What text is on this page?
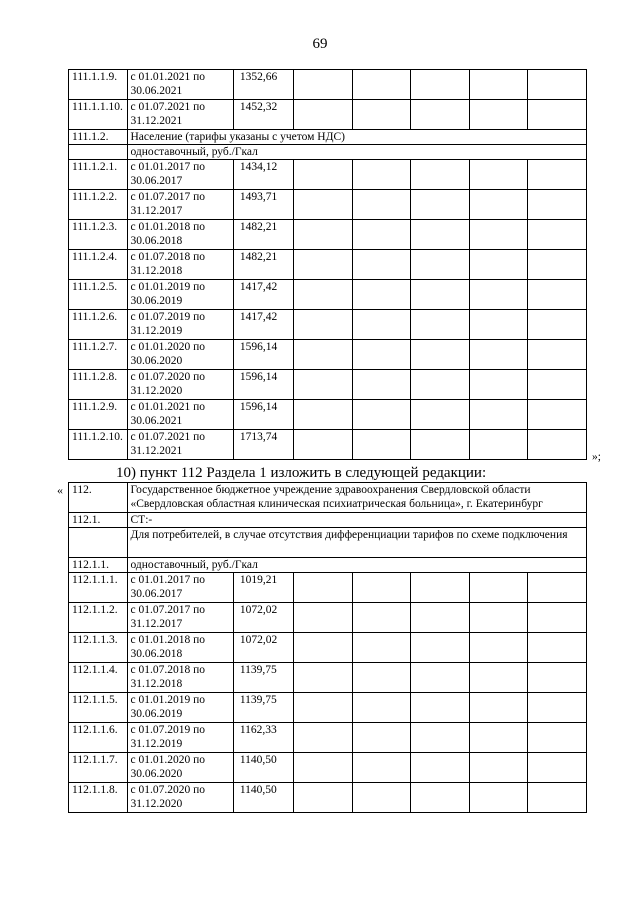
69
111.1.1.9.	с 01.01.2021 по 30.06.2021	1352,66					
111.1.1.10.	с 01.07.2021 по 31.12.2021	1452,32					
111.1.2.	Население (тарифы указаны с учетом НДС)						
	одноставочный, руб./Гкал						
111.1.2.1.	с 01.01.2017 по 30.06.2017	1434,12					
111.1.2.2.	с 01.07.2017 по 31.12.2017	1493,71					
111.1.2.3.	с 01.01.2018 по 30.06.2018	1482,21					
111.1.2.4.	с 01.07.2018 по 31.12.2018	1482,21					
111.1.2.5.	с 01.01.2019 по 30.06.2019	1417,42					
111.1.2.6.	с 01.07.2019 по 31.12.2019	1417,42					
111.1.2.7.	с 01.01.2020 по 30.06.2020	1596,14					
111.1.2.8.	с 01.07.2020 по 31.12.2020	1596,14					
111.1.2.9.	с 01.01.2021 по 30.06.2021	1596,14					
111.1.2.10.	с 01.07.2021 по 31.12.2021	1713,74					
»;
10) пункт 112 Раздела 1 изложить в следующей редакции:
« 112.	Государственное бюджетное учреждение здравоохранения Свердловской области «Свердловская областная клиническая психиатрическая больница», г. Екатеринбург						
112.1.	СТ:-						
	Для потребителей, в случае отсутствия дифференциации тарифов по схеме подключения						
112.1.1.	одноставочный, руб./Гкал						
112.1.1.1.	с 01.01.2017 по 30.06.2017	1019,21					
112.1.1.2.	с 01.07.2017 по 31.12.2017	1072,02					
112.1.1.3.	с 01.01.2018 по 30.06.2018	1072,02					
112.1.1.4.	с 01.07.2018 по 31.12.2018	1139,75					
112.1.1.5.	с 01.01.2019 по 30.06.2019	1139,75					
112.1.1.6.	с 01.07.2019 по 31.12.2019	1162,33					
112.1.1.7.	с 01.01.2020 по 30.06.2020	1140,50					
112.1.1.8.	с 01.07.2020 по 31.12.2020	1140,50					
